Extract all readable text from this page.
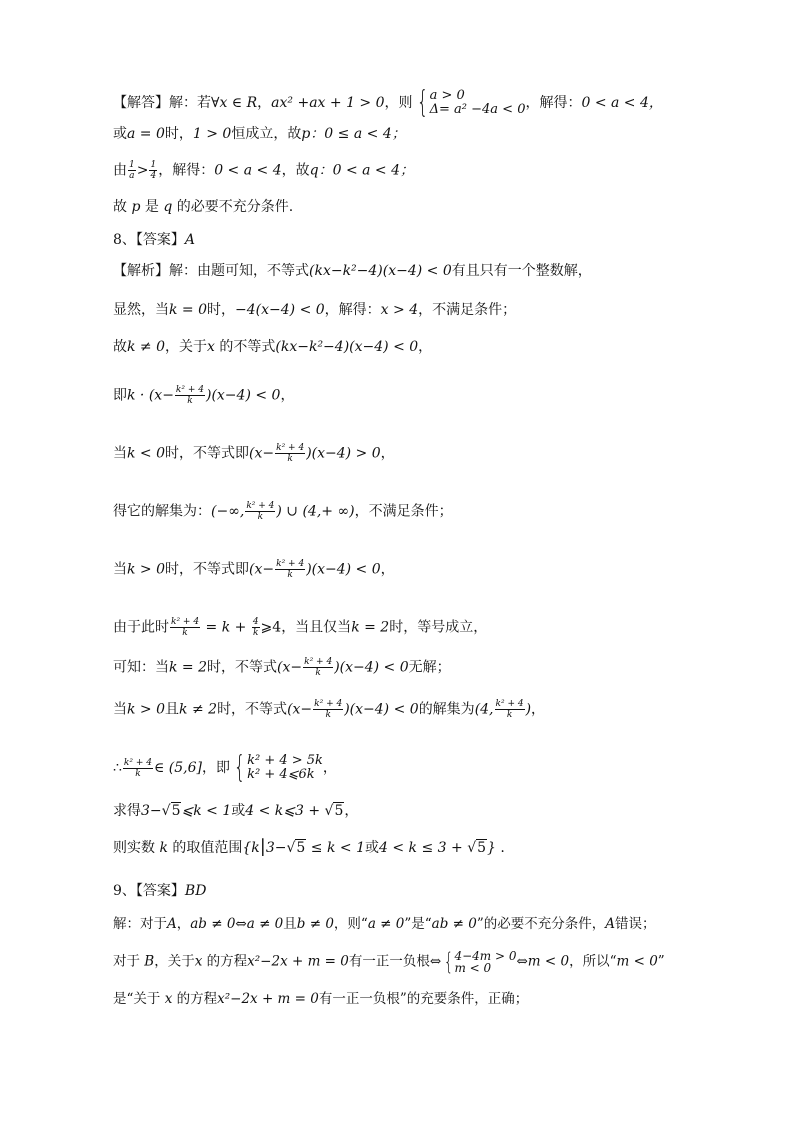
【解答】解：若∀x ∈ R，ax² +ax + 1 > 0，则 { a > 0
Δ= a² −4a < 0 ，解得：0 < a < 4，
或a = 0时，1 > 0恒成立，故p：0 ≤ a < 4；
由 $\frac{1}{a} > \frac{1}{4}$ ，解得：0 < a < 4，故q：0 < a < 4；
故 p 是 q 的必要不充分条件.
8、【答案】A
【解析】解：由题可知，不等式(kx−k²−4)(x−4) < 0有且只有一个整数解，
显然，当k = 0时，−4(x−4) < 0，解得：x > 4，不满足条件；
故k ≠ 0，关于x 的不等式(kx−k²−4)(x−4) < 0，
即$k \cdot (x- \frac{\text{k² + 4}}{k} )(x-4) < 0$，
当k < 0时，不等式即$(x- \frac{\text{k² + 4}}{k} )(x-4) > 0$，
得它的解集为：(−∞, $\frac{\text{k² + 4}}{k}$ ) ∪ (4,+ ∞)，不满足条件；
当k > 0时，不等式即$(x- \frac{\text{k² + 4}}{k} )(x-4) < 0$，
由于此时 $\frac{\text{k² + 4}}{k} = k + \frac{4}{k}$ ⩾4，当且仅当k = 2时，等号成立，
可知：当k = 2时，不等式$(x- \frac{\text{k² + 4}}{k} )(x-4) < 0$无解；
当k > 0且k ≠ 2时，不等式$(x- \frac{\text{k² + 4}}{k} )(x-4) < 0$的解集为(4, $\frac{\text{k² + 4}}{k}$ )，
∴ $\frac{\text{k² + 4}}{k}$ ∈ (5,6]，即 { k² + 4 > 5k
k² + 4⩽6k ，
求得3−√5⩽k < 1或4 < k⩽3 + √5，
则实数 k 的取值范围{k|3−√5 ≤ k < 1或4 < k ≤ 3 + √5} .
9、【答案】BD
解：对于A，ab ≠ 0⇔a ≠ 0且b ≠ 0，则“a ≠ 0”是“ab ≠ 0”的必要不充分条件，A错误；
对于 B，关于x 的方程x²−2x + m = 0有一正一负根⇔ { 4−4m > 0
m < 0	⇔m < 0，所以“m < 0”
是“关于 x 的方程x²−2x + m = 0有一正一负根”的充要条件，正确；
